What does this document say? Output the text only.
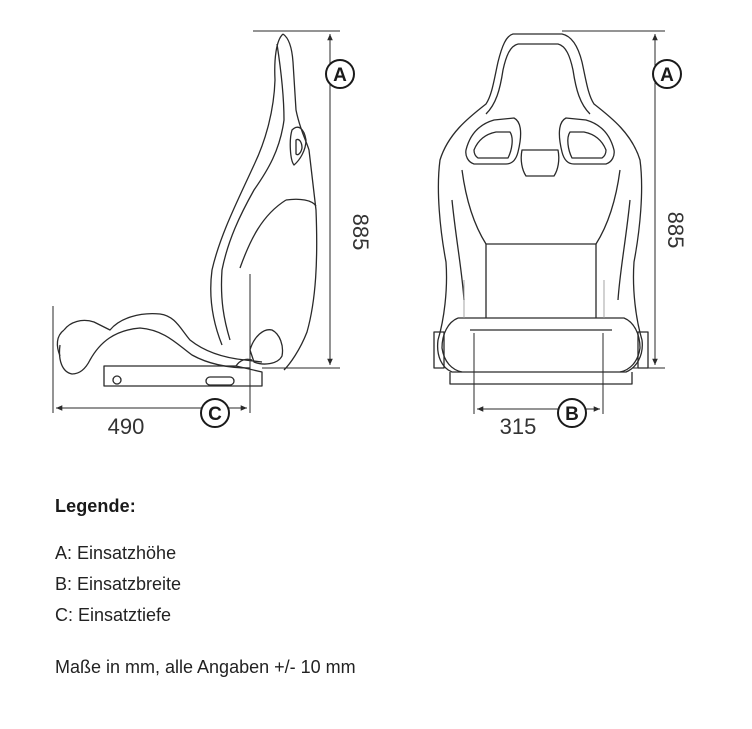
A	A
C	B
885	885
490	315
Legende:
A: Einsatzhöhe
B: Einsatzbreite
C: Einsatztiefe
Maße in mm, alle Angaben +/- 10 mm
